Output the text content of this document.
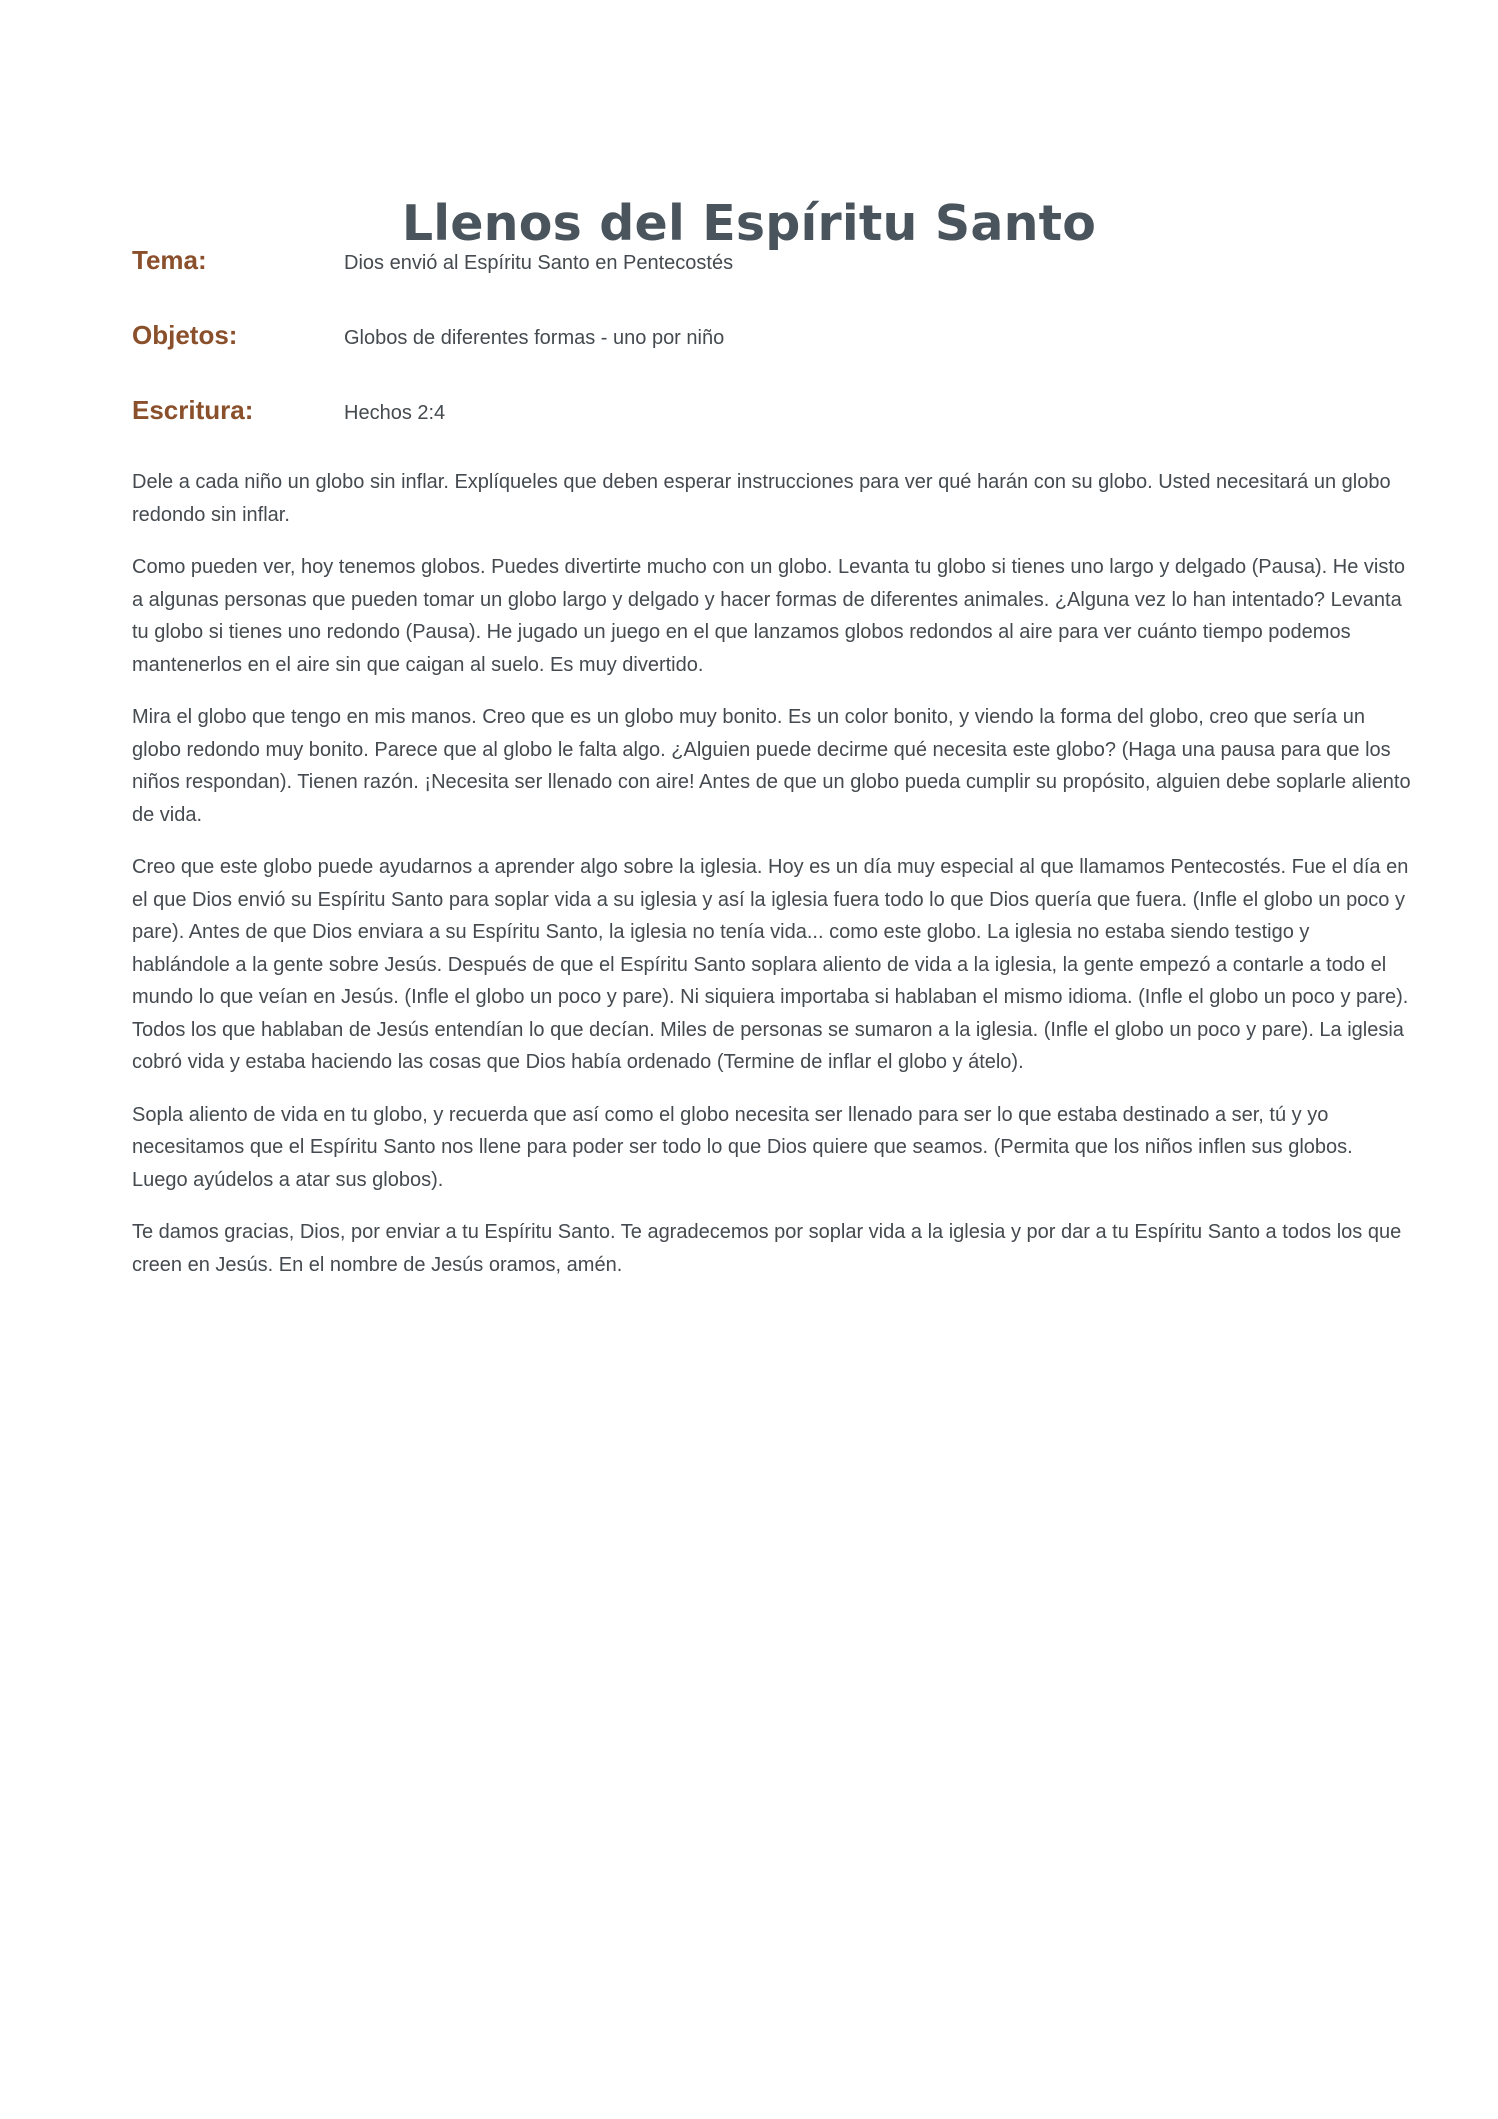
Llenos del Espíritu Santo
Tema:	Dios envió al Espíritu Santo en Pentecostés
Objetos:	Globos de diferentes formas - uno por niño
Escritura:	Hechos 2:4

Dele a cada niño un globo sin inflar. Explíqueles que deben esperar instrucciones para ver qué harán con su globo. Usted necesitará un globo redondo sin inflar.

Como pueden ver, hoy tenemos globos. Puedes divertirte mucho con un globo. Levanta tu globo si tienes uno largo y delgado (Pausa). He visto a algunas personas que pueden tomar un globo largo y delgado y hacer formas de diferentes animales. ¿Alguna vez lo han intentado? Levanta tu globo si tienes uno redondo (Pausa). He jugado un juego en el que lanzamos globos redondos al aire para ver cuánto tiempo podemos mantenerlos en el aire sin que caigan al suelo. Es muy divertido.

Mira el globo que tengo en mis manos. Creo que es un globo muy bonito. Es un color bonito, y viendo la forma del globo, creo que sería un globo redondo muy bonito. Parece que al globo le falta algo. ¿Alguien puede decirme qué necesita este globo? (Haga una pausa para que los niños respondan). Tienen razón. ¡Necesita ser llenado con aire! Antes de que un globo pueda cumplir su propósito, alguien debe soplarle aliento de vida.

Creo que este globo puede ayudarnos a aprender algo sobre la iglesia. Hoy es un día muy especial al que llamamos Pentecostés. Fue el día en el que Dios envió su Espíritu Santo para soplar vida a su iglesia y así la iglesia fuera todo lo que Dios quería que fuera. (Infle el globo un poco y pare). Antes de que Dios enviara a su Espíritu Santo, la iglesia no tenía vida... como este globo. La iglesia no estaba siendo testigo y hablándole a la gente sobre Jesús. Después de que el Espíritu Santo soplara aliento de vida a la iglesia, la gente empezó a contarle a todo el mundo lo que veían en Jesús. (Infle el globo un poco y pare). Ni siquiera importaba si hablaban el mismo idioma. (Infle el globo un poco y pare). Todos los que hablaban de Jesús entendían lo que decían. Miles de personas se sumaron a la iglesia. (Infle el globo un poco y pare). La iglesia cobró vida y estaba haciendo las cosas que Dios había ordenado (Termine de inflar el globo y átelo).

Sopla aliento de vida en tu globo, y recuerda que así como el globo necesita ser llenado para ser lo que estaba destinado a ser, tú y yo necesitamos que el Espíritu Santo nos llene para poder ser todo lo que Dios quiere que seamos. (Permita que los niños inflen sus globos. Luego ayúdelos a atar sus globos).

Te damos gracias, Dios, por enviar a tu Espíritu Santo. Te agradecemos por soplar vida a la iglesia y por dar a tu Espíritu Santo a todos los que creen en Jesús. En el nombre de Jesús oramos, amén.
